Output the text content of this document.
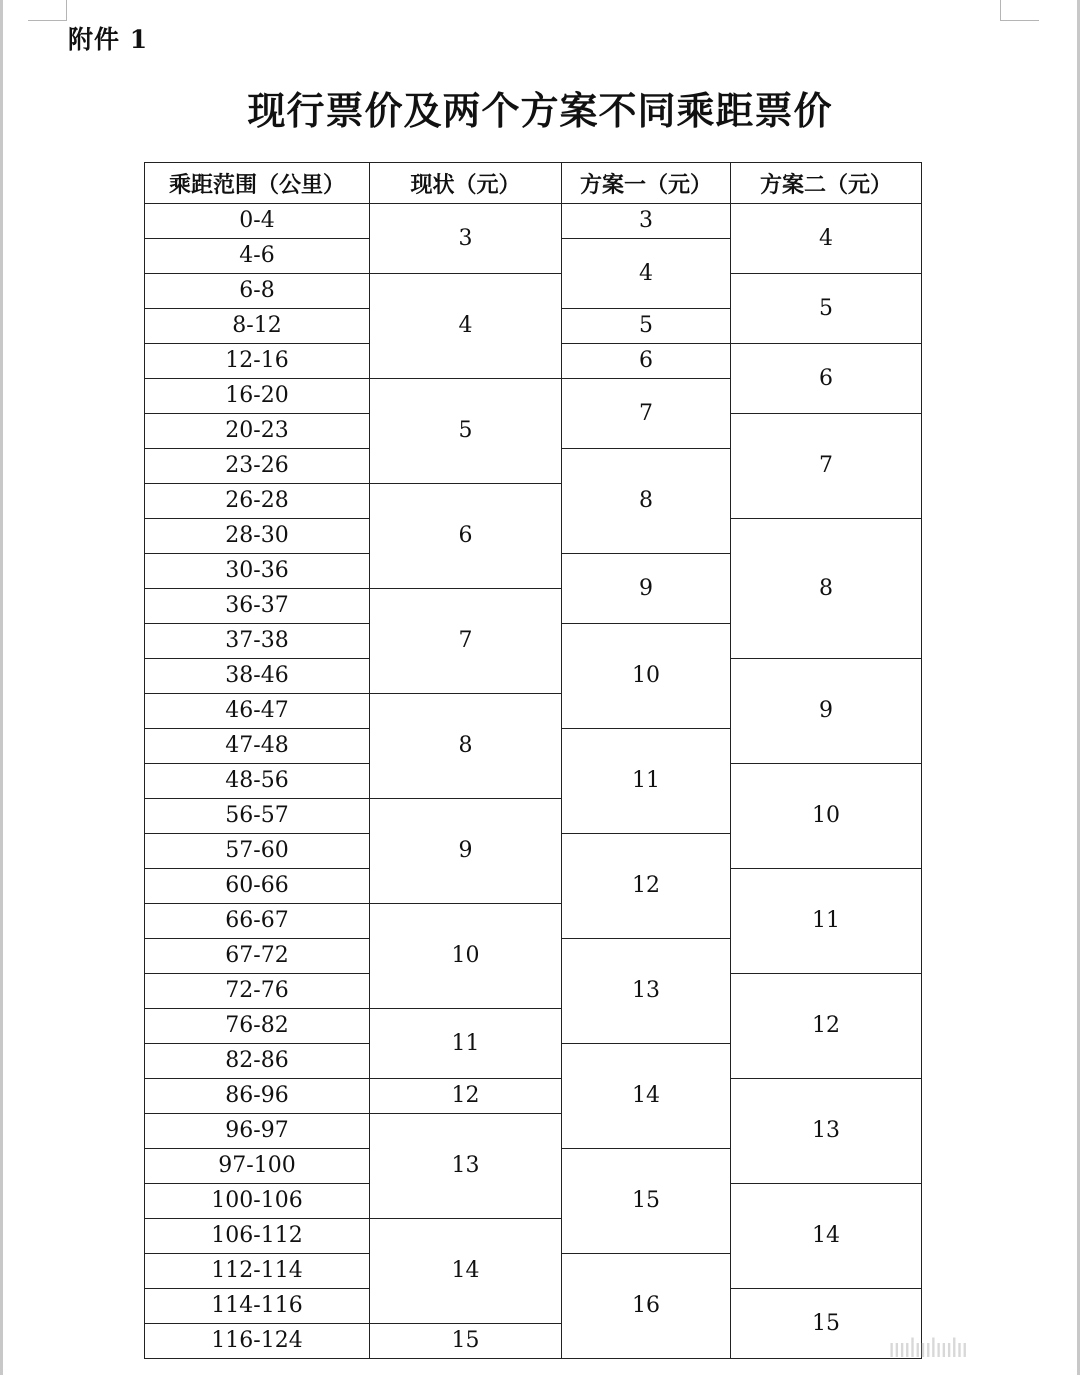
附件 1
现行票价及两个方案不同乘距票价
乘距范围（公里）	现状（元）	方案一（元）	方案二（元）
0-4	3	3	4
4-6		4	
6-8	4		5
8-12		5	
12-16		6	6
16-20	5	7	
20-23			7
23-26		8	
26-28	6		
28-30			8
30-36		9	
36-37	7		
37-38		10	
38-46			9
46-47	8		
47-48		11	
48-56			10
56-57	9		
57-60		12	
60-66			11
66-67	10		
67-72		13	
72-76			12
76-82	11		
82-86		14	
86-96	12		13
96-97	13		
97-100		15	
100-106			14
106-112	14		
112-114		16	
114-116			15
116-124	15			ıııılııılııılıı
